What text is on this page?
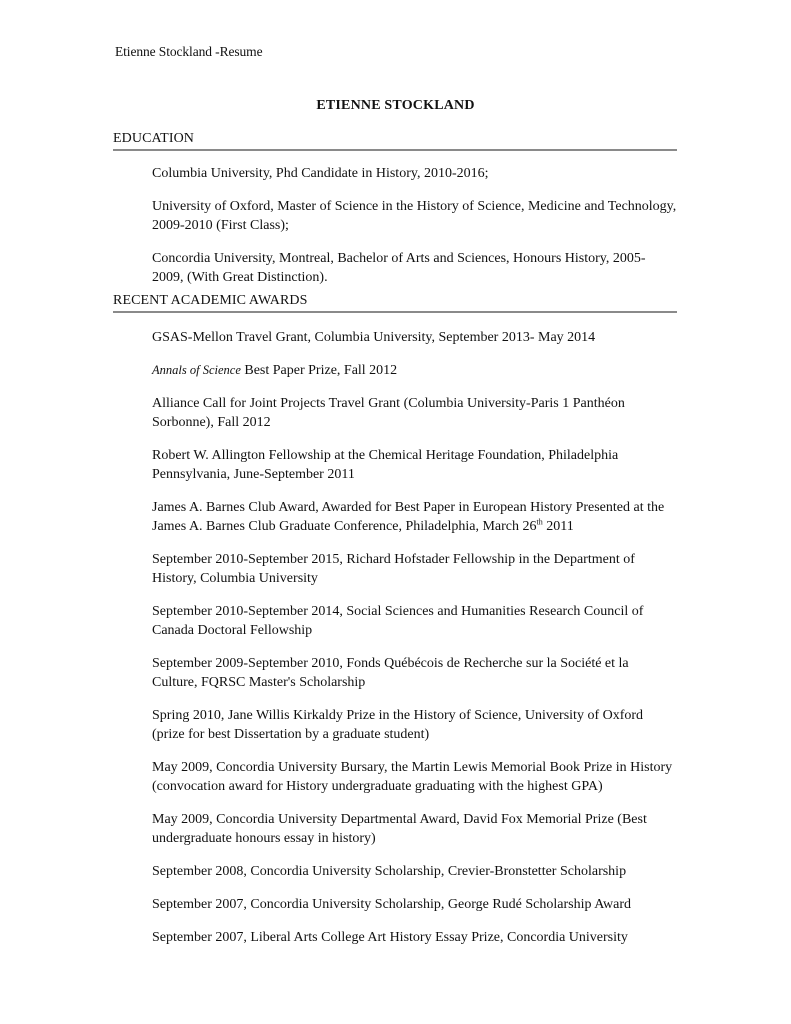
Etienne Stockland -Resume
ETIENNE STOCKLAND
EDUCATION
Columbia University, Phd Candidate in History, 2010-2016;
University of Oxford, Master of Science in the History of Science, Medicine and Technology, 2009-2010 (First Class);
Concordia University, Montreal, Bachelor of Arts and Sciences, Honours History, 2005-2009, (With Great Distinction).
RECENT ACADEMIC AWARDS
GSAS-Mellon Travel Grant, Columbia University, September 2013- May 2014
Annals of Science Best Paper Prize, Fall 2012
Alliance Call for Joint Projects Travel Grant (Columbia University-Paris 1 Panthéon Sorbonne), Fall 2012
Robert W. Allington Fellowship at the Chemical Heritage Foundation, Philadelphia Pennsylvania, June-September 2011
James A. Barnes Club Award, Awarded for Best Paper in European History Presented at the James A. Barnes Club Graduate Conference, Philadelphia, March 26th 2011
September 2010-September 2015, Richard Hofstader Fellowship in the Department of History, Columbia University
September 2010-September 2014, Social Sciences and Humanities Research Council of Canada Doctoral Fellowship
September 2009-September 2010, Fonds Québécois de Recherche sur la Société et la Culture, FQRSC Master's Scholarship
Spring 2010, Jane Willis Kirkaldy Prize in the History of Science, University of Oxford (prize for best Dissertation by a graduate student)
May 2009, Concordia University Bursary, the Martin Lewis Memorial Book Prize in History (convocation award for History undergraduate graduating with the highest GPA)
May 2009, Concordia University Departmental Award, David Fox Memorial Prize (Best undergraduate honours essay in history)
September 2008, Concordia University Scholarship, Crevier-Bronstetter Scholarship
September 2007, Concordia University Scholarship, George Rudé Scholarship Award
September 2007, Liberal Arts College Art History Essay Prize, Concordia University
